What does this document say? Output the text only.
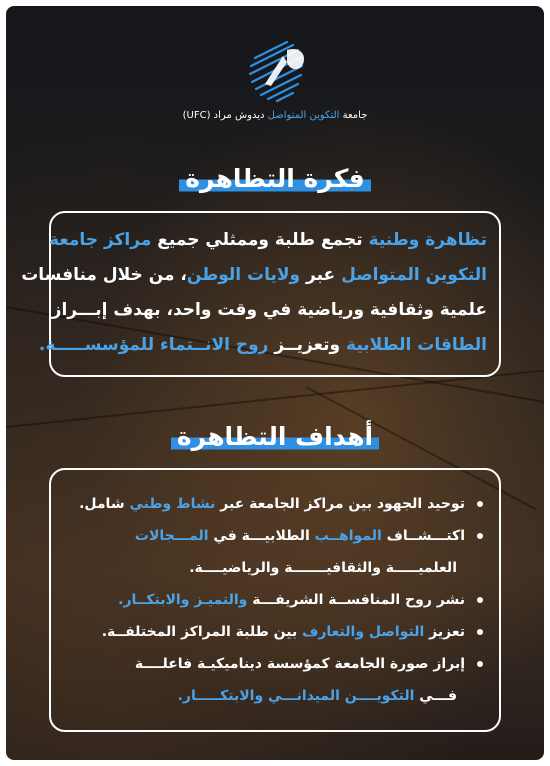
جامعة التكوين المتواصل ديدوش مراد (UFC)
فكرة التظاهرة
تظاهرة وطنية تجمع طلبة وممثلي جميع مراكز جامعة
التكوين المتواصل عبر ولايات الوطن، من خلال منافسات
علمية وثقافية ورياضية في وقت واحد، بهدف إبـــراز
الطاقات الطلابية وتعزيــز روح الانــتماء للمؤسســـــة.
أهداف التظاهرة
توحيد الجهود بين مراكز الجامعة عبر نشاط وطني شامل.
اكتـــشــاف المواهــب الطلابيـــة في المـــجالات
العلميـــــة والثقافيـــــــة والرياضيــــة.
نشر روح المنافســة الشريفـــة والتميـز والابتكــار.
تعزيز التواصل والتعارف بين طلبة المراكز المختلفــة.
إبراز صورة الجامعة كمؤسسة ديناميكيـة فاعلــــة
فـــي التكويــــن الميدانـــي والابتكـــــار.
